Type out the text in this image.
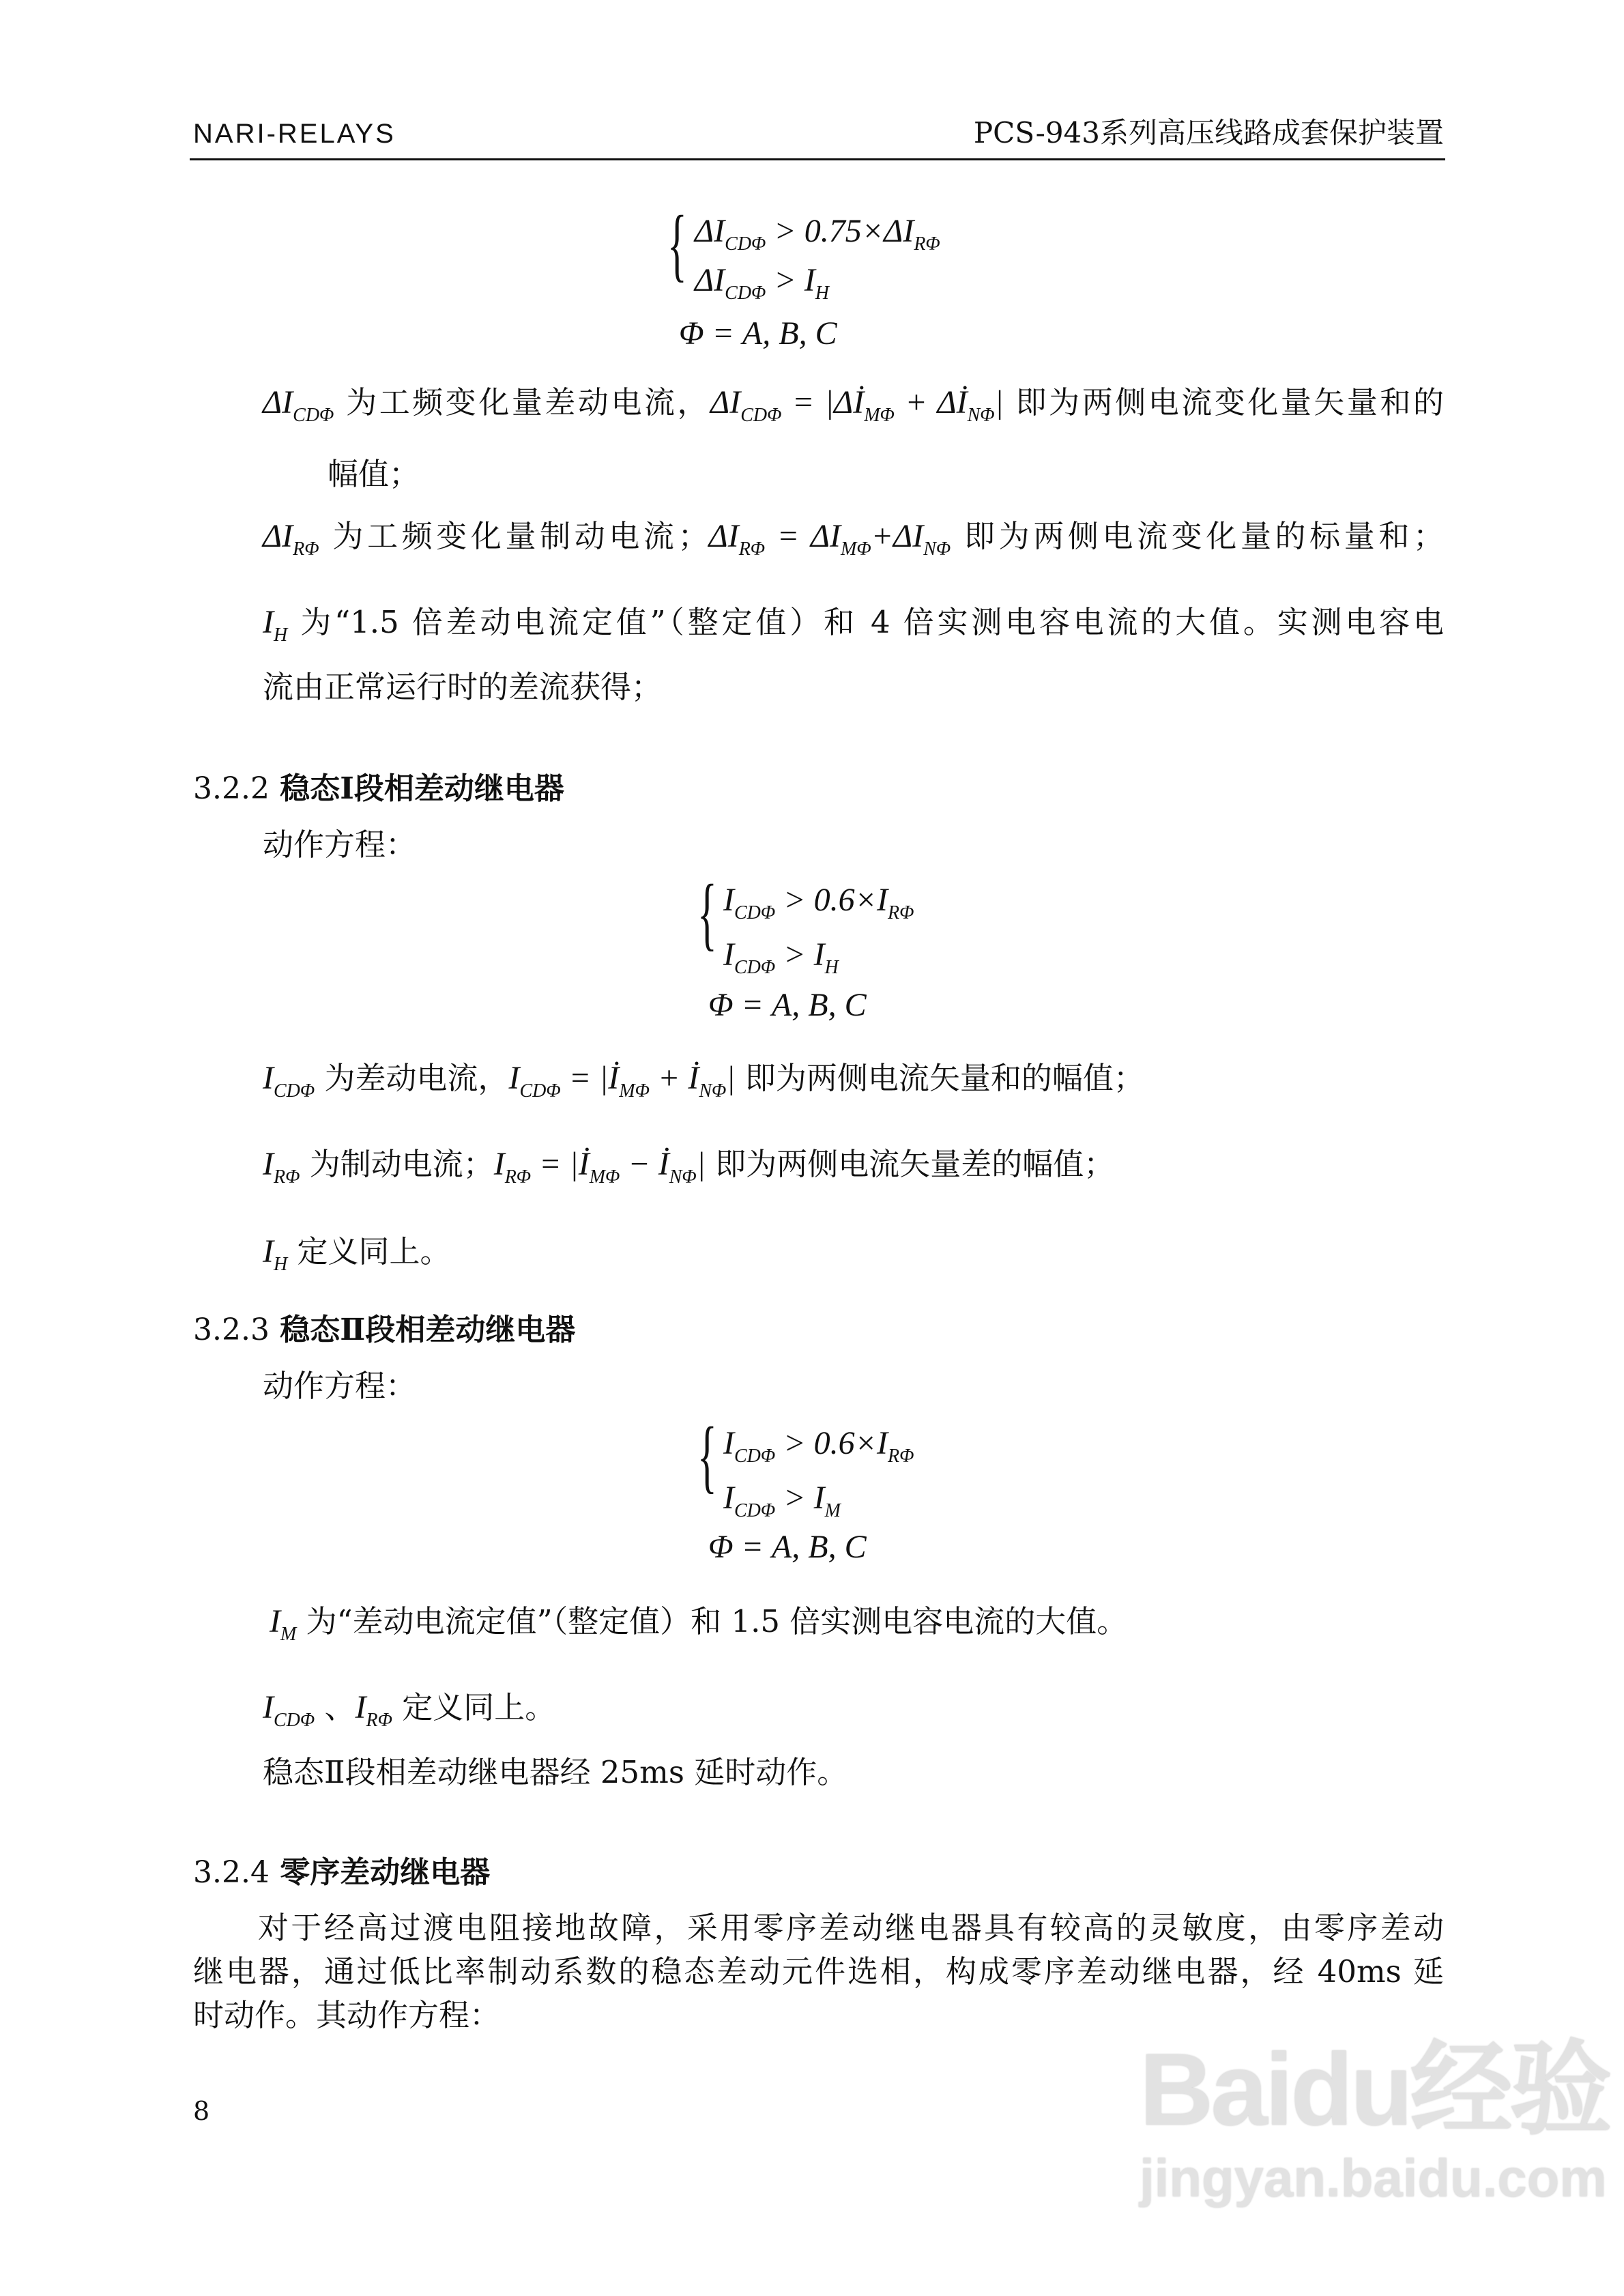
NARI-RELAYS	PCS-943系列高压线路成套保护装置
{ $\Delta I_{CD\Phi} > 0.75\times\Delta I_{R\Phi}$
$\Delta I_{CD\Phi} > I_H$
Φ = A, B, C
$\Delta I_{CD\Phi}$ 为工频变化量差动电流，$\Delta I_{CD\Phi}$ = $|\Delta İ_{M\Phi}$ + $\Delta İ_{N\Phi}|$ 即为两侧电流变化量矢量和的
幅值；
$\Delta I_{R\Phi}$ 为工频变化量制动电流；$\Delta I_{R\Phi} = \Delta I_{M\Phi}+\Delta I_{N\Phi}$ 即为两侧电流变化量的标量和；
$I_H$ 为“1.5 倍差动电流定值”（整定值）和 4 倍实测电容电流的大值。实测电容电
流由正常运行时的差流获得；
3.2.2 稳态Ⅰ段相差动继电器
动作方程：
{ $I_{CD\Phi} > 0.6\times I_{R\Phi}$
$I_{CD\Phi} > I_H$
Φ = A, B, C
$I_{CD\Phi}$ 为差动电流，$I_{CD\Phi}$ = $|İ_{M\Phi}$ + $İ_{N\Phi}|$ 即为两侧电流矢量和的幅值；
$I_{R\Phi}$ 为制动电流；$I_{R\Phi}$ = $|İ_{M\Phi}$ − $İ_{N\Phi}|$ 即为两侧电流矢量差的幅值；
$I_H$ 定义同上。
3.2.3 稳态Ⅱ段相差动继电器
动作方程：
{ $I_{CD\Phi} > 0.6\times I_{R\Phi}$
$I_{CD\Phi} > I_M$
Φ = A, B, C
$I_M$ 为“差动电流定值”（整定值）和 1.5 倍实测电容电流的大值。
$I_{CD\Phi}$ 、$I_{R\Phi}$ 定义同上。
稳态Ⅱ段相差动继电器经 25ms 延时动作。
3.2.4 零序差动继电器
对于经高过渡电阻接地故障，采用零序差动继电器具有较高的灵敏度，由零序差动
继电器，通过低比率制动系数的稳态差动元件选相，构成零序差动继电器，经 40ms 延
时动作。其动作方程：
8	Baidu经验
jingyan.baidu.com
